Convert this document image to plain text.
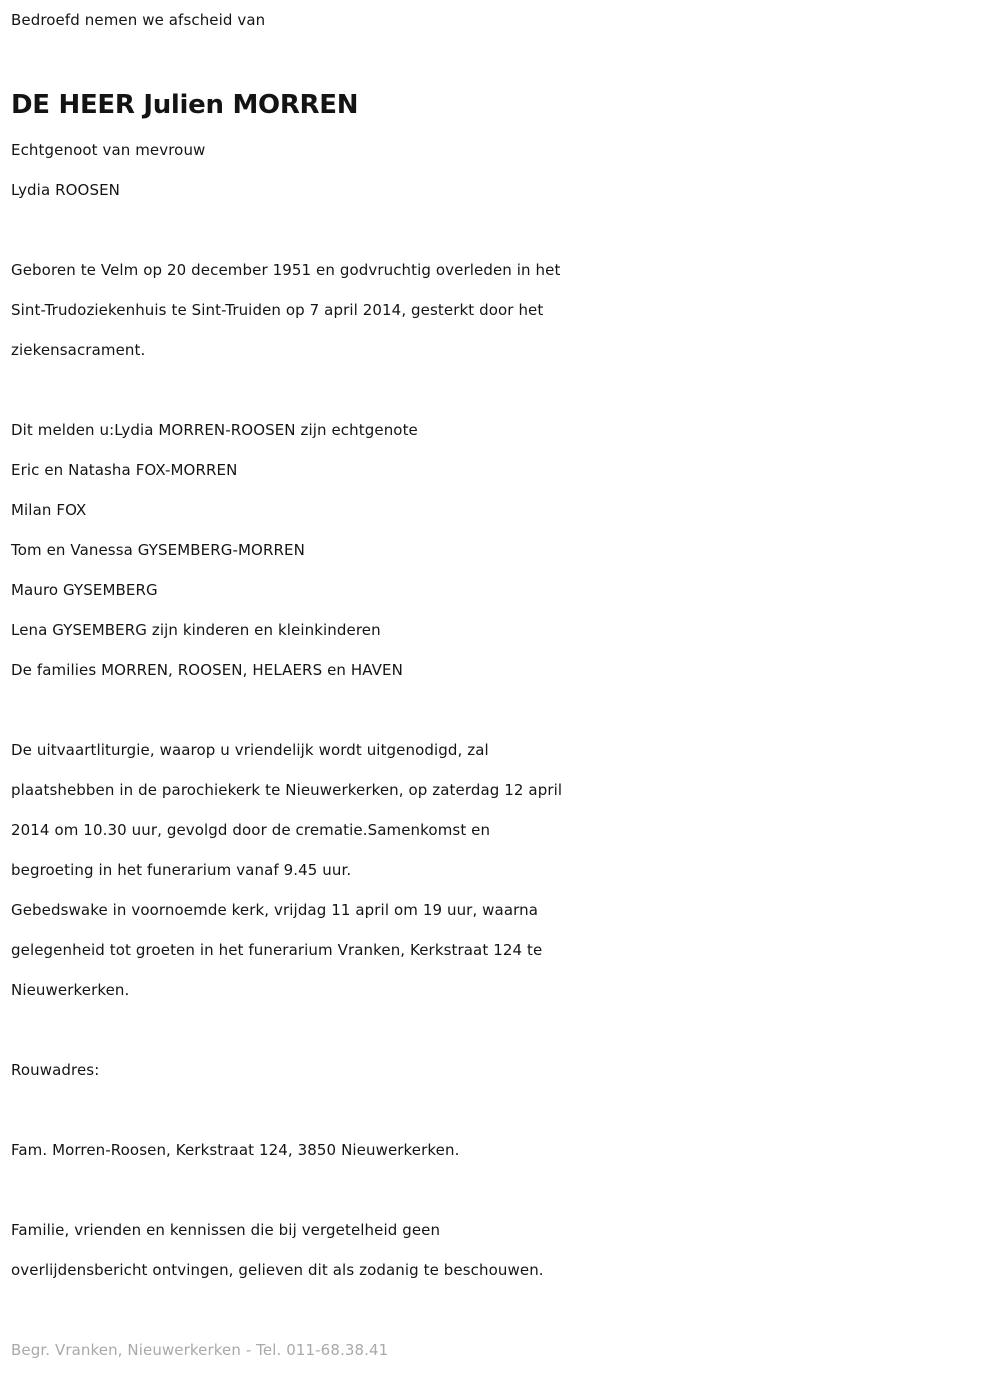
Bedroefd nemen we afscheid van
DE HEER Julien MORREN
Echtgenoot van mevrouw
Lydia ROOSEN
Geboren te Velm op 20 december 1951 en godvruchtig overleden in het
Sint-Trudoziekenhuis te Sint-Truiden op 7 april 2014, gesterkt door het
ziekensacrament.
Dit melden u:Lydia MORREN-ROOSEN zijn echtgenote
Eric en Natasha FOX-MORREN
Milan FOX
Tom en Vanessa GYSEMBERG-MORREN
Mauro GYSEMBERG
Lena GYSEMBERG zijn kinderen en kleinkinderen
De families MORREN, ROOSEN, HELAERS en HAVEN
De uitvaartliturgie, waarop u vriendelijk wordt uitgenodigd, zal
plaatshebben in de parochiekerk te Nieuwerkerken, op zaterdag 12 april
2014 om 10.30 uur, gevolgd door de crematie.Samenkomst en
begroeting in het funerarium vanaf 9.45 uur.
Gebedswake in voornoemde kerk, vrijdag 11 april om 19 uur, waarna
gelegenheid tot groeten in het funerarium Vranken, Kerkstraat 124 te
Nieuwerkerken.
Rouwadres:
Fam. Morren-Roosen, Kerkstraat 124, 3850 Nieuwerkerken.
Familie, vrienden en kennissen die bij vergetelheid geen
overlijdensbericht ontvingen, gelieven dit als zodanig te beschouwen.
Begr. Vranken, Nieuwerkerken - Tel. 011-68.38.41
